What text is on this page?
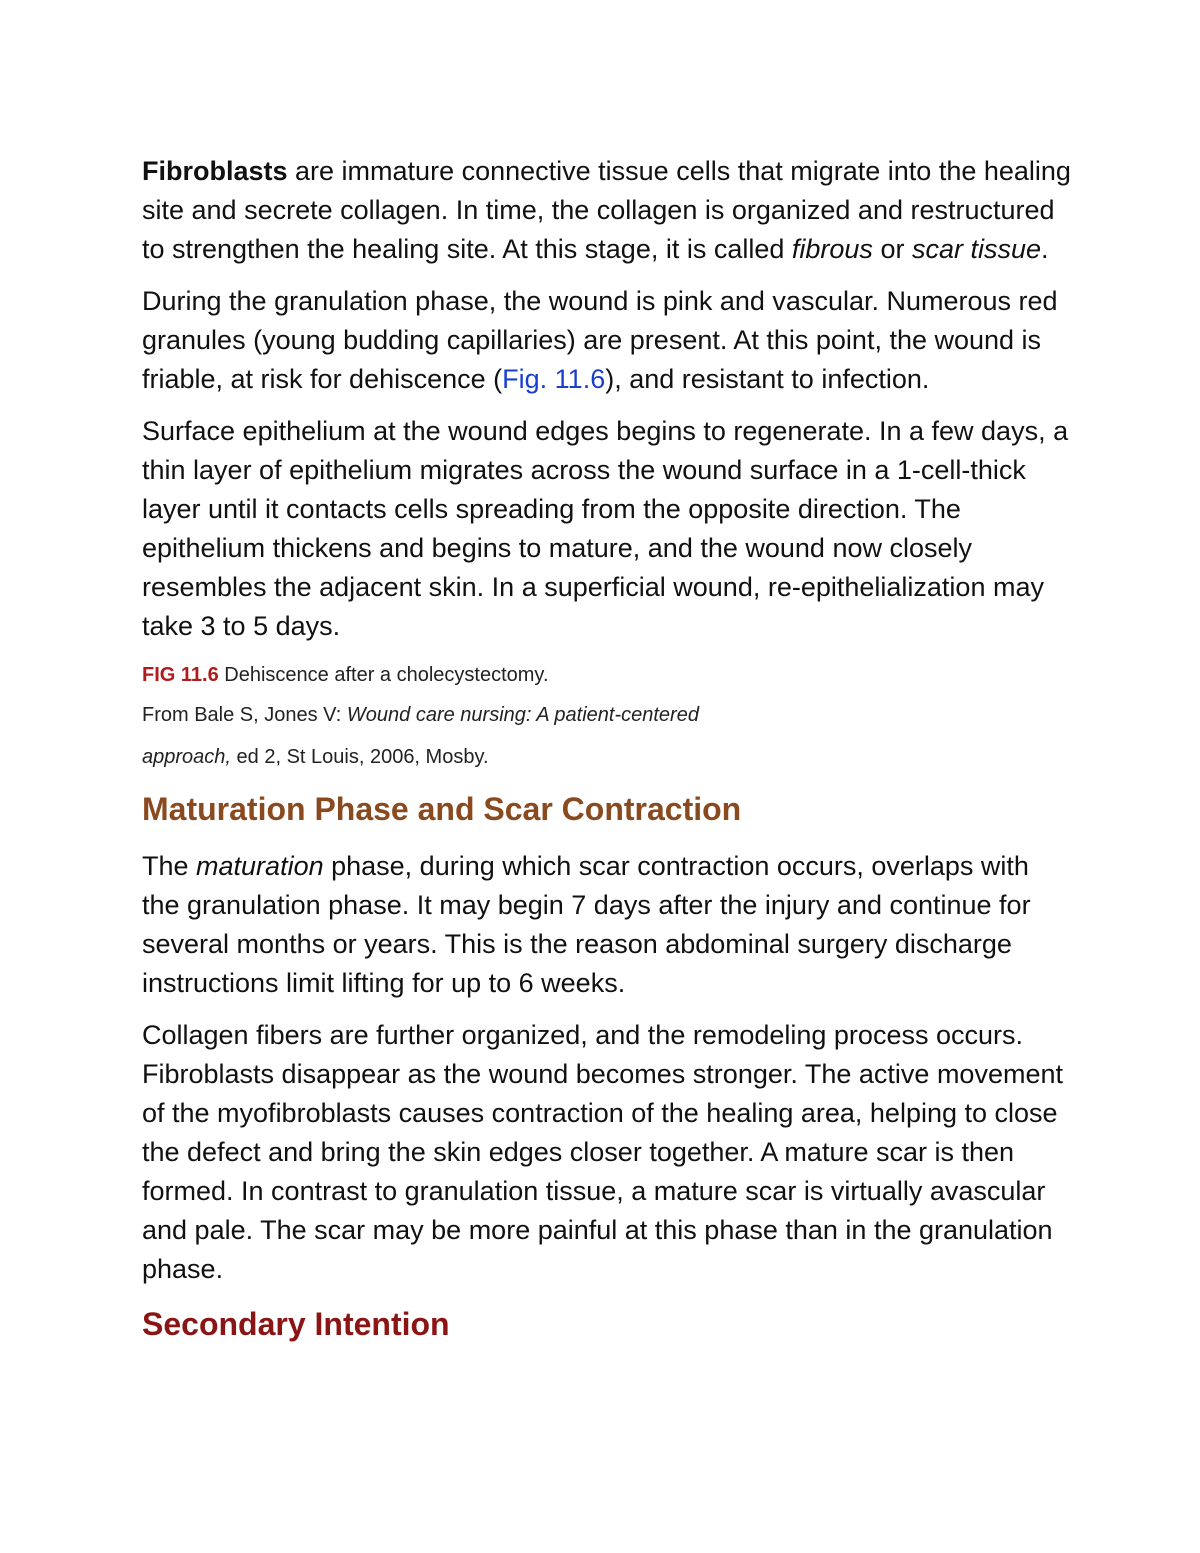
Fibroblasts are immature connective tissue cells that migrate into the healing site and secrete collagen. In time, the collagen is organized and restructured to strengthen the healing site. At this stage, it is called fibrous or scar tissue.

During the granulation phase, the wound is pink and vascular. Numerous red granules (young budding capillaries) are present. At this point, the wound is friable, at risk for dehiscence (Fig. 11.6), and resistant to infection.

Surface epithelium at the wound edges begins to regenerate. In a few days, a thin layer of epithelium migrates across the wound surface in a 1-cell-thick layer until it contacts cells spreading from the opposite direction. The epithelium thickens and begins to mature, and the wound now closely resembles the adjacent skin. In a superficial wound, re-epithelialization may take 3 to 5 days.

FIG 11.6 Dehiscence after a cholecystectomy.

From Bale S, Jones V: Wound care nursing: A patient-centered

approach, ed 2, St Louis, 2006, Mosby.

Maturation Phase and Scar Contraction

The maturation phase, during which scar contraction occurs, overlaps with the granulation phase. It may begin 7 days after the injury and continue for several months or years. This is the reason abdominal surgery discharge instructions limit lifting for up to 6 weeks.

Collagen fibers are further organized, and the remodeling process occurs. Fibroblasts disappear as the wound becomes stronger. The active movement of the myofibroblasts causes contraction of the healing area, helping to close the defect and bring the skin edges closer together. A mature scar is then formed. In contrast to granulation tissue, a mature scar is virtually avascular and pale. The scar may be more painful at this phase than in the granulation phase.

Secondary Intention
